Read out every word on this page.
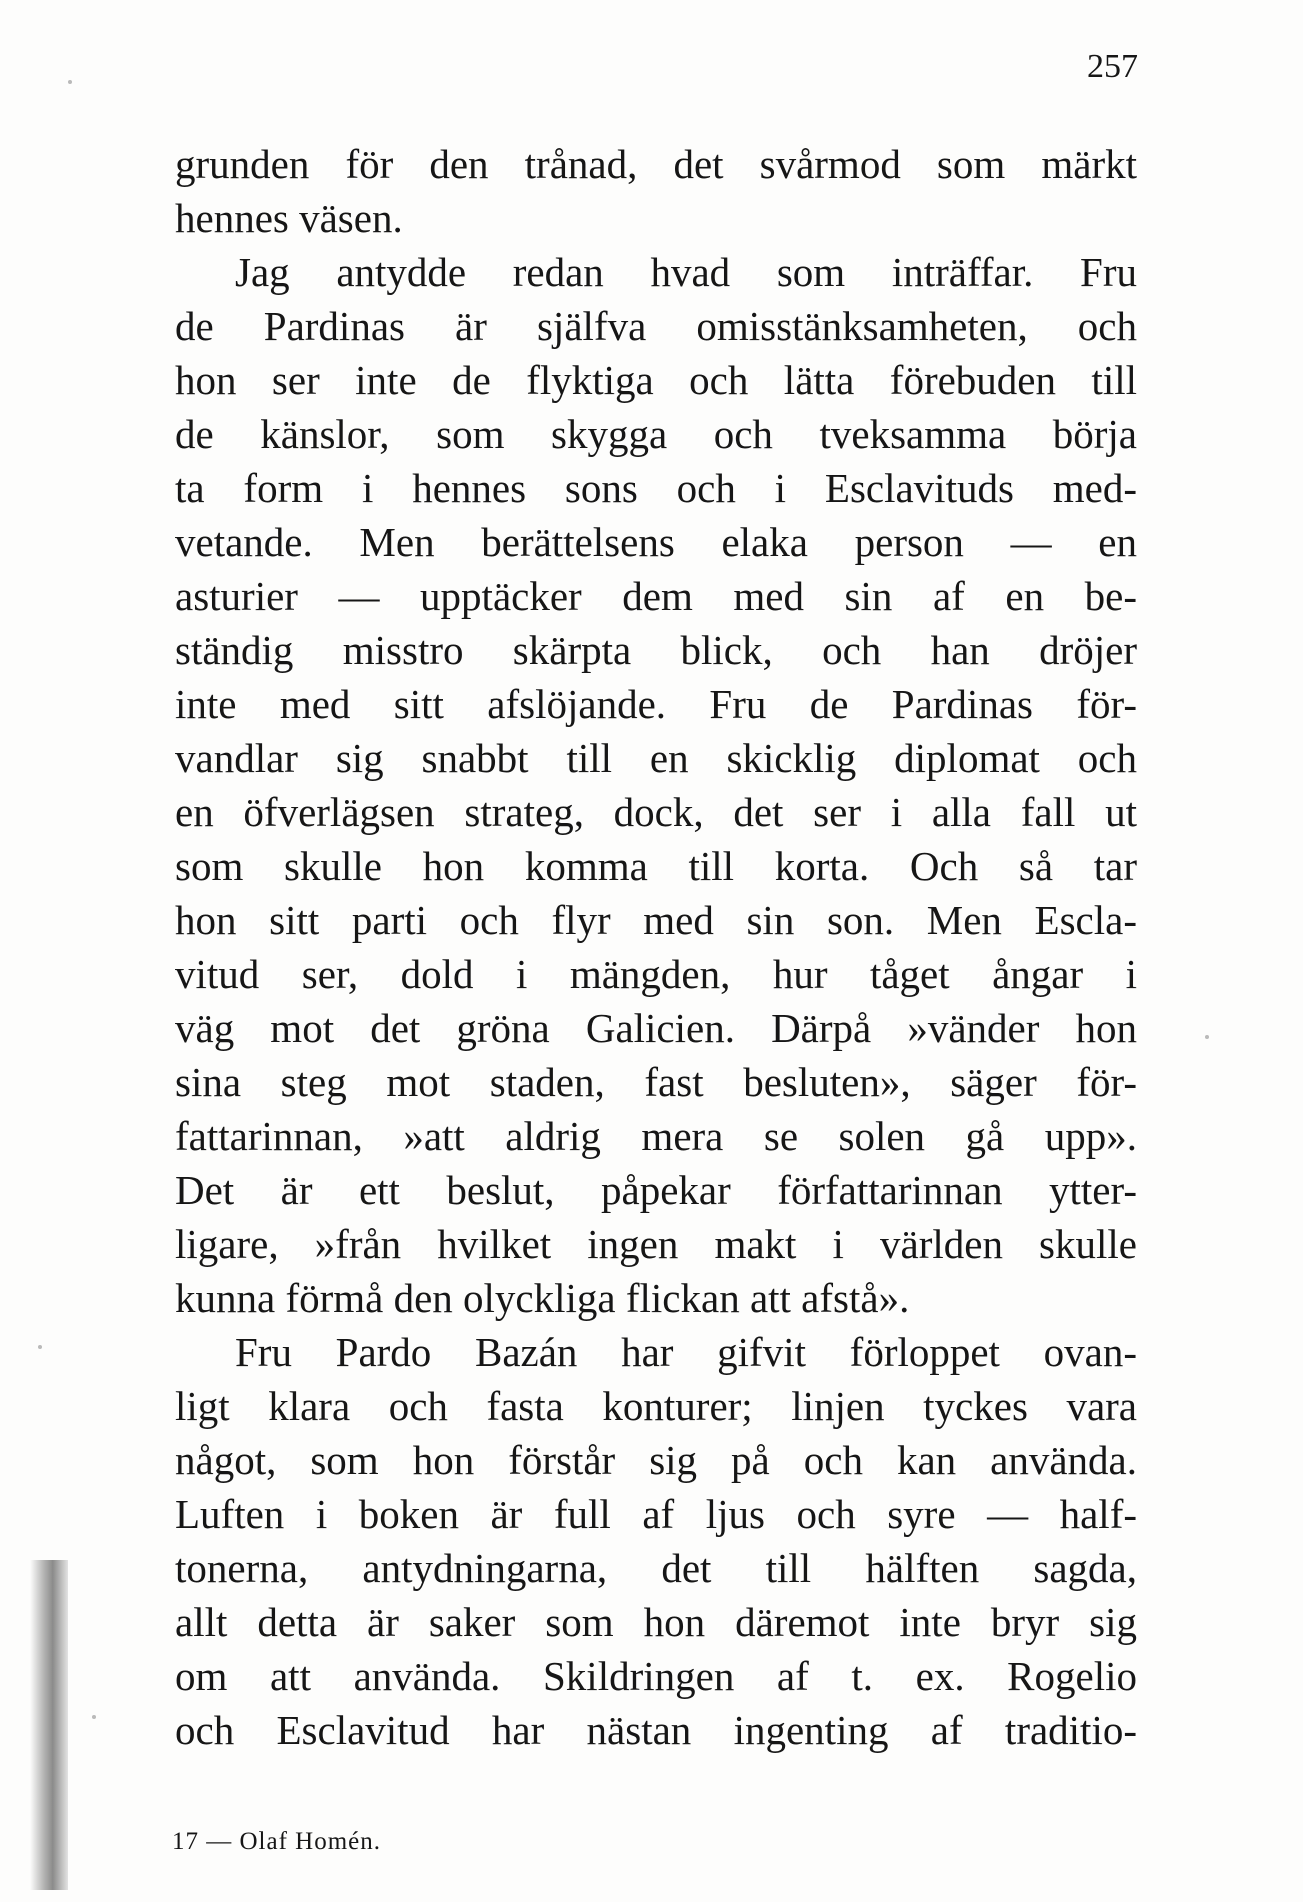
257
grunden för den trånad, det svårmod som märkt
hennes väsen.
Jag antydde redan hvad som inträffar. Fru
de Pardinas är själfva omisstänksamheten, och
hon ser inte de flyktiga och lätta förebuden till
de känslor, som skygga och tveksamma börja
ta form i hennes sons och i Esclavituds med-
vetande. Men berättelsens elaka person — en
asturier — upptäcker dem med sin af en be-
ständig misstro skärpta blick, och han dröjer
inte med sitt afslöjande. Fru de Pardinas för-
vandlar sig snabbt till en skicklig diplomat och
en öfverlägsen strateg, dock, det ser i alla fall ut
som skulle hon komma till korta. Och så tar
hon sitt parti och flyr med sin son. Men Escla-
vitud ser, dold i mängden, hur tåget ångar i
väg mot det gröna Galicien. Därpå »vänder hon
sina steg mot staden, fast besluten», säger för-
fattarinnan, »att aldrig mera se solen gå upp».
Det är ett beslut, påpekar författarinnan ytter-
ligare, »från hvilket ingen makt i världen skulle
kunna förmå den olyckliga flickan att afstå».
Fru Pardo Bazán har gifvit förloppet ovan-
ligt klara och fasta konturer; linjen tyckes vara
något, som hon förstår sig på och kan använda.
Luften i boken är full af ljus och syre — half-
tonerna, antydningarna, det till hälften sagda,
allt detta är saker som hon däremot inte bryr sig
om att använda. Skildringen af t. ex. Rogelio
och Esclavitud har nästan ingenting af traditio-
17 — Olaf Homén.
